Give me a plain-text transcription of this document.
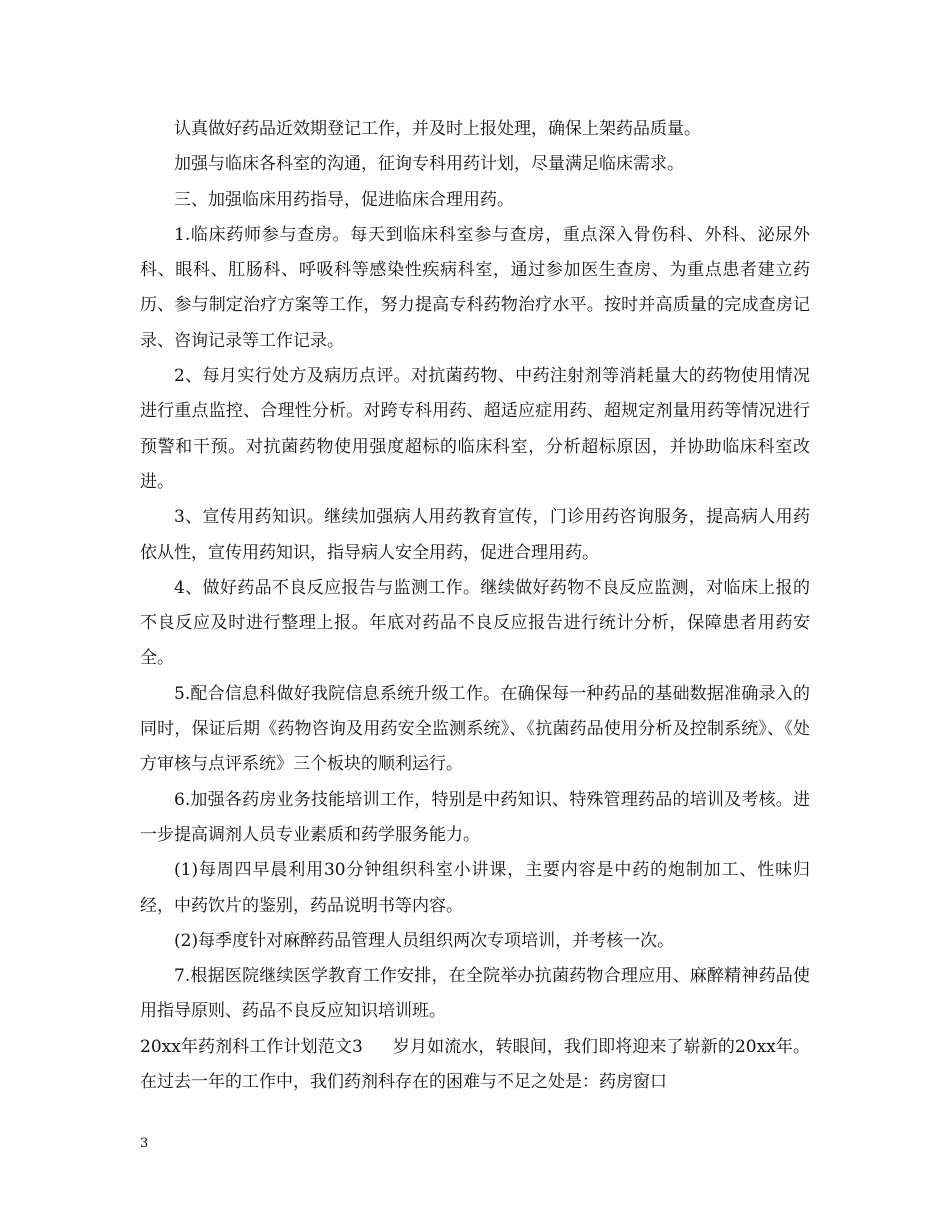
认真做好药品近效期登记工作，并及时上报处理，确保上架药品质量。

加强与临床各科室的沟通，征询专科用药计划，尽量满足临床需求。

三、加强临床用药指导，促进临床合理用药。

1.临床药师参与查房。每天到临床科室参与查房，重点深入骨伤科、外科、泌尿外科、眼科、肛肠科、呼吸科等感染性疾病科室，通过参加医生查房、为重点患者建立药历、参与制定治疗方案等工作，努力提高专科药物治疗水平。按时并高质量的完成查房记录、咨询记录等工作记录。

2、每月实行处方及病历点评。对抗菌药物、中药注射剂等消耗量大的药物使用情况进行重点监控、合理性分析。对跨专科用药、超适应症用药、超规定剂量用药等情况进行预警和干预。对抗菌药物使用强度超标的临床科室，分析超标原因，并协助临床科室改进。

3、宣传用药知识。继续加强病人用药教育宣传，门诊用药咨询服务，提高病人用药依从性，宣传用药知识，指导病人安全用药，促进合理用药。

4、做好药品不良反应报告与监测工作。继续做好药物不良反应监测，对临床上报的不良反应及时进行整理上报。年底对药品不良反应报告进行统计分析，保障患者用药安全。

5.配合信息科做好我院信息系统升级工作。在确保每一种药品的基础数据准确录入的同时，保证后期《药物咨询及用药安全监测系统》、《抗菌药品使用分析及控制系统》、《处方审核与点评系统》三个板块的顺利运行。

6.加强各药房业务技能培训工作，特别是中药知识、特殊管理药品的培训及考核。进一步提高调剂人员专业素质和药学服务能力。

(1)每周四早晨利用30分钟组织科室小讲课，主要内容是中药的炮制加工、性味归经，中药饮片的鉴别，药品说明书等内容。

(2)每季度针对麻醉药品管理人员组织两次专项培训，并考核一次。

7.根据医院继续医学教育工作安排，在全院举办抗菌药物合理应用、麻醉精神药品使用指导原则、药品不良反应知识培训班。

20xx年药剂科工作计划范文3 岁月如流水，转眼间，我们即将迎来了崭新的20xx年。在过去一年的工作中，我们药剂科存在的困难与不足之处是：药房窗口

3
